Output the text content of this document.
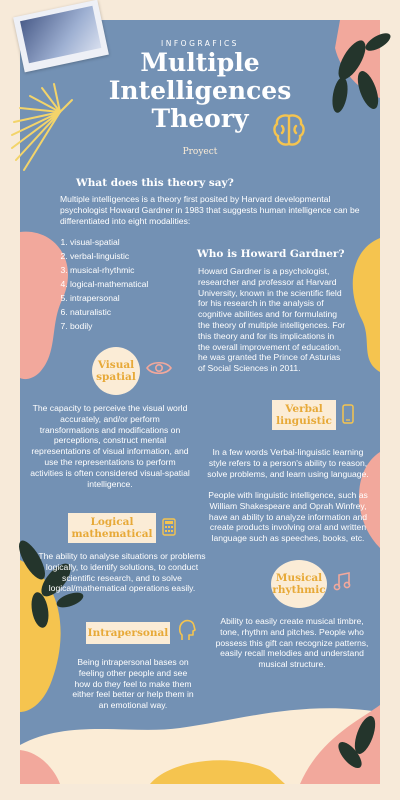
INFOGRAFICS
Multiple
Intelligences
Theory
Proyect
What does this theory say?
Multiple intelligences is a theory first posited by Harvard developmental psychologist Howard Gardner in 1983 that suggests human intelligence can be differentiated into eight modalities:
1. visual-spatial
2. verbal-linguistic
3. musical-rhythmic
4. logical-mathematical
5. intrapersonal
6. naturalistic
7. bodily
Who is Howard Gardner?
Howard Gardner is a psychologist, researcher and professor at Harvard University, known in the scientific field for his research in the analysis of cognitive abilities and for formulating the theory of multiple intelligences. For this theory and for its implications in the overall improvement of education, he was granted the Prince of Asturias of Social Sciences in 2011.
Visual
spatial
The capacity to perceive the visual world accurately, and/or perform transformations and modifications on perceptions, construct mental representations of visual information, and use the representations to perform activities is often considered visual-spatial intelligence.
Verbal
linguistic
In a few words Verbal-linguistic learning style refers to a person's ability to reason, solve problems, and learn using language.
People with linguistic intelligence, such as William Shakespeare and Oprah Winfrey, have an ability to analyze information and create products involving oral and written language such as speeches, books, etc.
Logical
mathematical
The ability to analyse situations or problems logically, to identify solutions, to conduct scientific research, and to solve logical/mathematical operations easily.
Musical
rhythmic
Ability to easily create musical timbre, tone, rhythm and pitches. People who possess this gift can recognize patterns, easily recall melodies and understand musical structure.
Intrapersonal
Being intrapersonal bases on feeling other people and see how do they feel to make them either feel better or help them in an emotional way.
